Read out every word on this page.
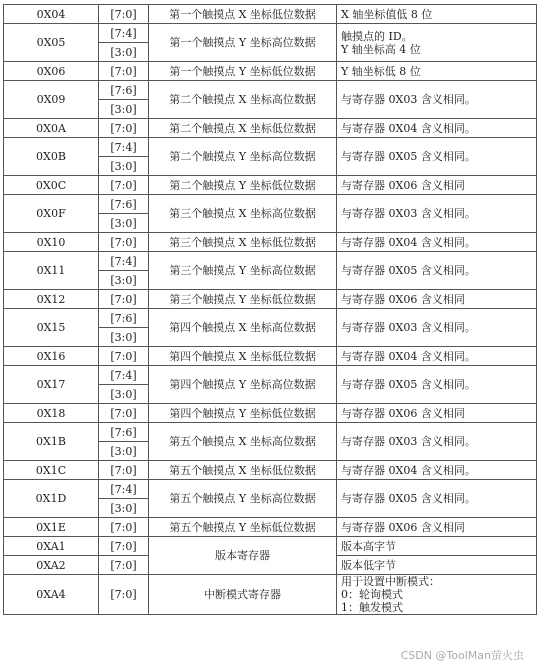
0X04	[7:0]	第一个触摸点 X 坐标低位数据	X 轴坐标值低 8 位

0X05	[7:4]	第一个触摸点 Y 坐标高位数据	触摸点的 ID。
Y 轴坐标高 4 位

	[3:0]		
0X06	[7:0]	第一个触摸点 Y 坐标低位数据	Y 轴坐标低 8 位

0X09	[7:6]	第二个触摸点 X 坐标高位数据	与寄存器 0X03 含义相同。

	[3:0]		
0X0A	[7:0]	第二个触摸点 X 坐标低位数据	与寄存器 0X04 含义相同。

0X0B	[7:4]	第二个触摸点 Y 坐标高位数据	与寄存器 0X05 含义相同。

	[3:0]		
0X0C	[7:0]	第二个触摸点 Y 坐标低位数据	与寄存器 0X06 含义相同

0X0F	[7:6]	第三个触摸点 X 坐标高位数据	与寄存器 0X03 含义相同。

	[3:0]		
0X10	[7:0]	第三个触摸点 X 坐标低位数据	与寄存器 0X04 含义相同。

0X11	[7:4]	第三个触摸点 Y 坐标高位数据	与寄存器 0X05 含义相同。

	[3:0]		
0X12	[7:0]	第三个触摸点 Y 坐标低位数据	与寄存器 0X06 含义相同

0X15	[7:6]	第四个触摸点 X 坐标高位数据	与寄存器 0X03 含义相同。

	[3:0]		
0X16	[7:0]	第四个触摸点 X 坐标低位数据	与寄存器 0X04 含义相同。

0X17	[7:4]	第四个触摸点 Y 坐标高位数据	与寄存器 0X05 含义相同。

	[3:0]		
0X18	[7:0]	第四个触摸点 Y 坐标低位数据	与寄存器 0X06 含义相同

0X1B	[7:6]	第五个触摸点 X 坐标高位数据	与寄存器 0X03 含义相同。

	[3:0]		
0X1C	[7:0]	第五个触摸点 X 坐标低位数据	与寄存器 0X04 含义相同。

0X1D	[7:4]	第五个触摸点 Y 坐标高位数据	与寄存器 0X05 含义相同。

	[3:0]		
0X1E	[7:0]	第五个触摸点 Y 坐标低位数据	与寄存器 0X06 含义相同

0XA1	[7:0]	版本寄存器	版本高字节
0XA2	[7:0]		版本低字节
0XA4	[7:0]	中断模式寄存器	用于设置中断模式：
0：轮询模式
1：触发模式
CSDN @ToolMan萤火虫
